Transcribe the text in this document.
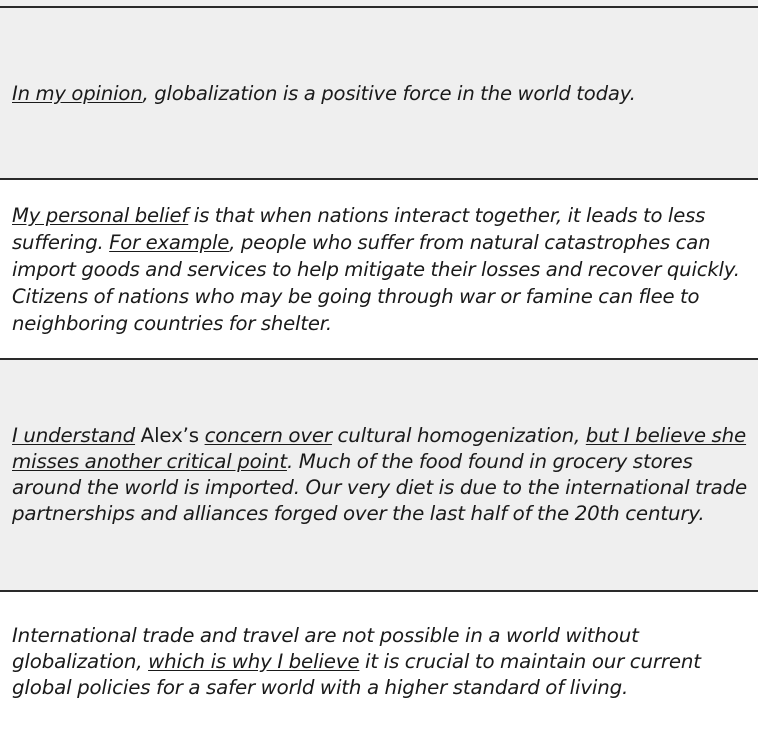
In my opinion, globalization is a positive force in the world today.

My personal belief is that when nations interact together, it leads to less suffering. For example, people who suffer from natural catastrophes can import goods and services to help mitigate their losses and recover quickly. Citizens of nations who may be going through war or famine can flee to neighboring countries for shelter.

I understand Alex’s concern over cultural homogenization, but I believe she misses another critical point. Much of the food found in grocery stores around the world is imported. Our very diet is due to the international trade partnerships and alliances forged over the last half of the 20th century.

International trade and travel are not possible in a world without globalization, which is why I believe it is crucial to maintain our current global policies for a safer world with a higher standard of living.
